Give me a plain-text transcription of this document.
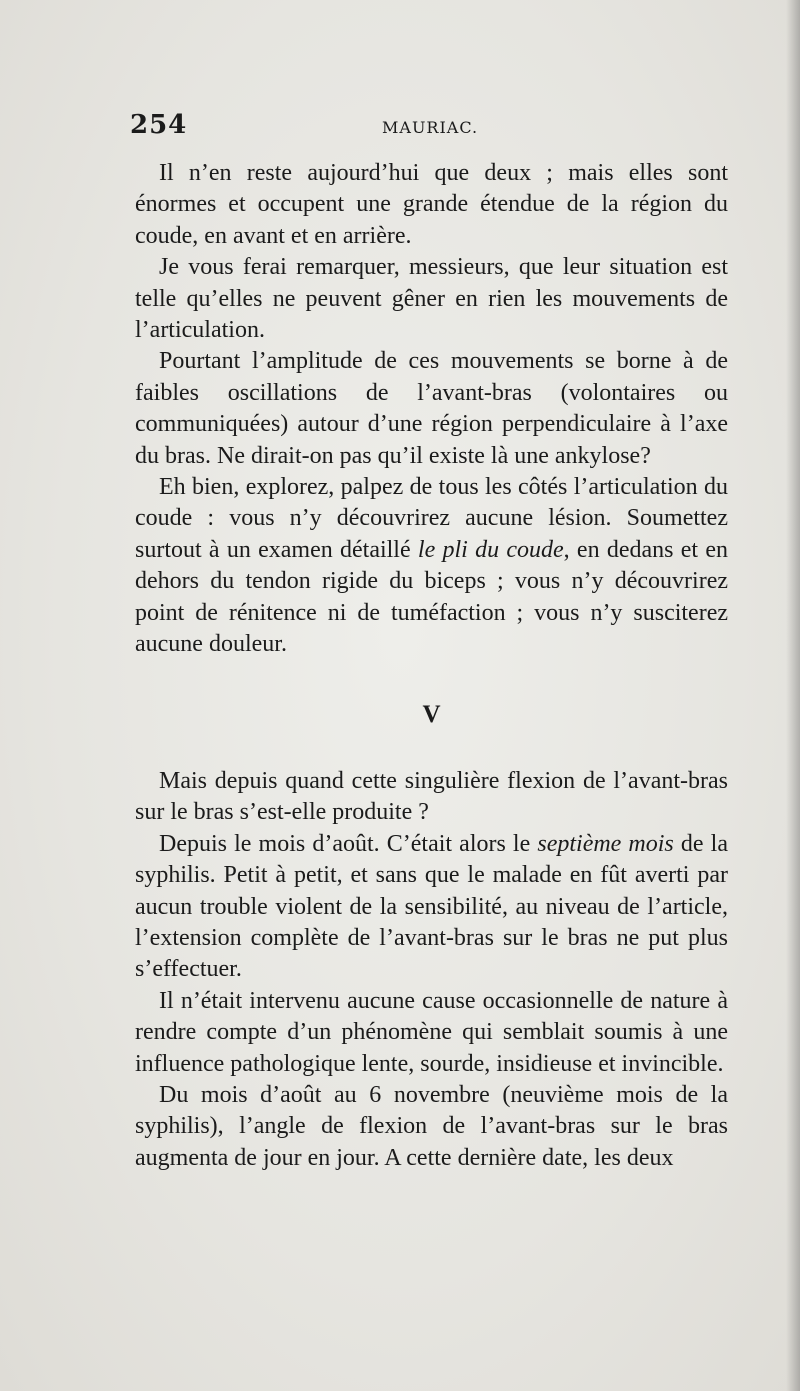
254	MAURIAC.

Il n’en reste aujourd’hui que deux ; mais elles sont énormes et occupent une grande étendue de la région du coude, en avant et en arrière.

Je vous ferai remarquer, messieurs, que leur situation est telle qu’elles ne peuvent gêner en rien les mouvements de l’articulation.

Pourtant l’amplitude de ces mouvements se borne à de faibles oscillations de l’avant-bras (volontaires ou communiquées) autour d’une région perpendiculaire à l’axe du bras. Ne dirait-on pas qu’il existe là une ankylose?

Eh bien, explorez, palpez de tous les côtés l’articulation du coude : vous n’y découvrirez aucune lésion. Soumettez surtout à un examen détaillé le pli du coude, en dedans et en dehors du tendon rigide du biceps ; vous n’y découvrirez point de rénitence ni de tuméfaction ; vous n’y susciterez aucune douleur.

V

Mais depuis quand cette singulière flexion de l’avant-bras sur le bras s’est-elle produite ?

Depuis le mois d’août. C’était alors le septième mois de la syphilis. Petit à petit, et sans que le malade en fût averti par aucun trouble violent de la sensibilité, au niveau de l’article, l’extension complète de l’avant-bras sur le bras ne put plus s’effectuer.

Il n’était intervenu aucune cause occasionnelle de nature à rendre compte d’un phénomène qui semblait soumis à une influence pathologique lente, sourde, insidieuse et invincible.

Du mois d’août au 6 novembre (neuvième mois de la syphilis), l’angle de flexion de l’avant-bras sur le bras augmenta de jour en jour. A cette dernière date, les deux
